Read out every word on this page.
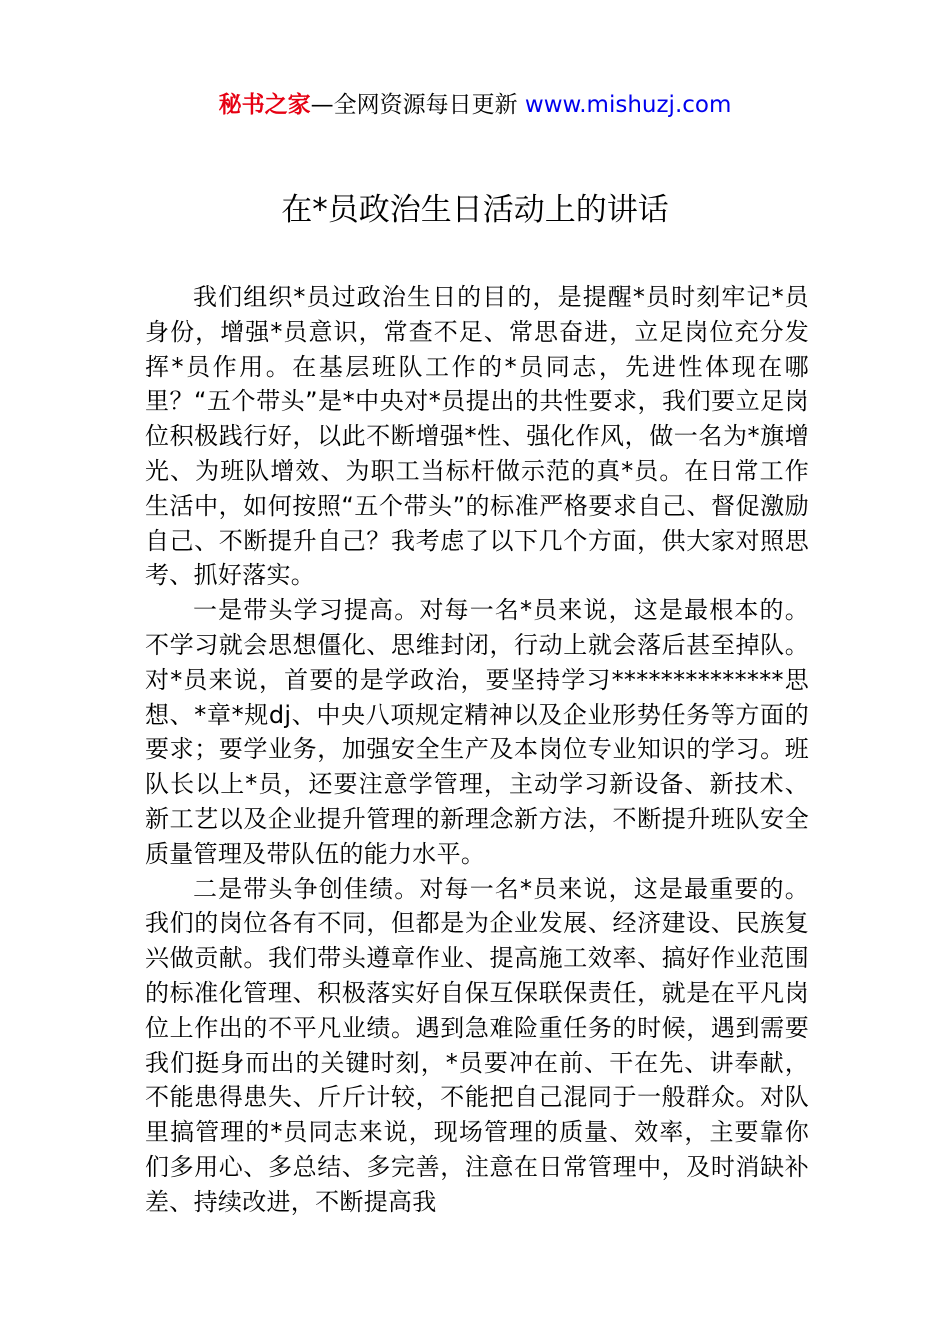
秘书之家—全网资源每日更新 www.mishuzj.com
在*员政治生日活动上的讲话

我们组织*员过政治生日的目的，是提醒*员时刻牢记*员身份，增强*员意识，常查不足、常思奋进，立足岗位充分发挥*员作用。在基层班队工作的*员同志，先进性体现在哪里？“五个带头”是*中央对*员提出的共性要求，我们要立足岗位积极践行好，以此不断增强*性、强化作风，做一名为*旗增光、为班队增效、为职工当标杆做示范的真*员。在日常工作生活中，如何按照“五个带头”的标准严格要求自己、督促激励自己、不断提升自己？我考虑了以下几个方面，供大家对照思考、抓好落实。

一是带头学习提高。对每一名*员来说，这是最根本的。不学习就会思想僵化、思维封闭，行动上就会落后甚至掉队。对*员来说，首要的是学政治，要坚持学习**************思想、*章*规dj、中央八项规定精神以及企业形势任务等方面的要求；要学业务，加强安全生产及本岗位专业知识的学习。班队长以上*员，还要注意学管理，主动学习新设备、新技术、新工艺以及企业提升管理的新理念新方法，不断提升班队安全质量管理及带队伍的能力水平。

二是带头争创佳绩。对每一名*员来说，这是最重要的。我们的岗位各有不同，但都是为企业发展、经济建设、民族复兴做贡献。我们带头遵章作业、提高施工效率、搞好作业范围的标准化管理、积极落实好自保互保联保责任，就是在平凡岗位上作出的不平凡业绩。遇到急难险重任务的时候，遇到需要我们挺身而出的关键时刻，*员要冲在前、干在先、讲奉献，不能患得患失、斤斤计较，不能把自己混同于一般群众。对队里搞管理的*员同志来说，现场管理的质量、效率，主要靠你们多用心、多总结、多完善，注意在日常管理中，及时消缺补差、持续改进，不断提高我
